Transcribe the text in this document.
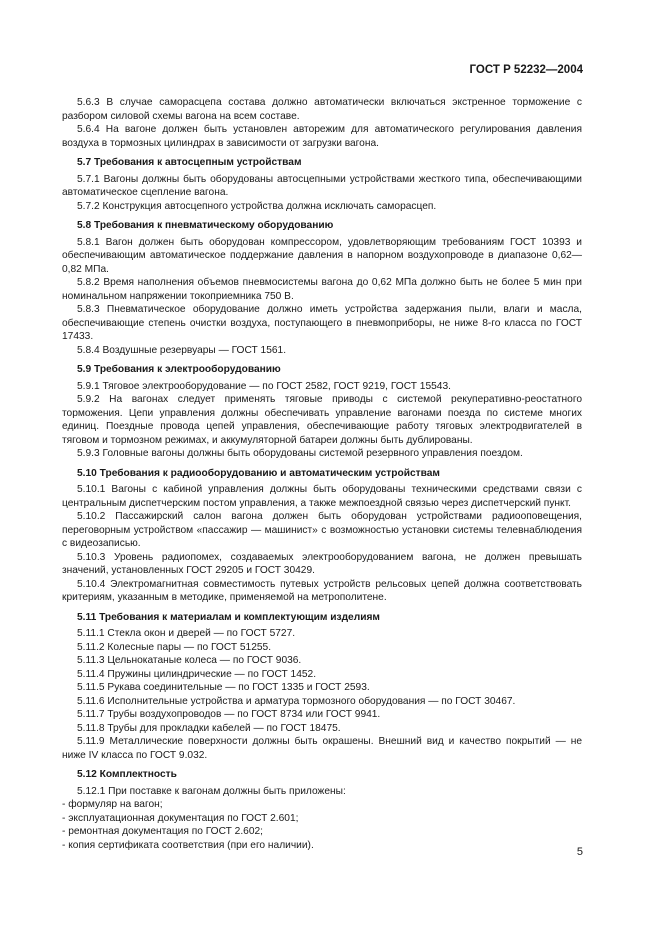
ГОСТ Р 52232—2004

5.6.3 В случае саморасцепа состава должно автоматически включаться экстренное торможение с разбором силовой схемы вагона на всем составе.

5.6.4 На вагоне должен быть установлен авторежим для автоматического регулирования давления воздуха в тормозных цилиндрах в зависимости от загрузки вагона.

5.7 Требования к автосцепным устройствам

5.7.1 Вагоны должны быть оборудованы автосцепными устройствами жесткого типа, обеспечивающими автоматическое сцепление вагона.

5.7.2 Конструкция автосцепного устройства должна исключать саморасцеп.

5.8 Требования к пневматическому оборудованию

5.8.1 Вагон должен быть оборудован компрессором, удовлетворяющим требованиям ГОСТ 10393 и обеспечивающим автоматическое поддержание давления в напорном воздухопроводе в диапазоне 0,62—0,82 МПа.

5.8.2 Время наполнения объемов пневмосистемы вагона до 0,62 МПа должно быть не более 5 мин при номинальном напряжении токоприемника 750 В.

5.8.3 Пневматическое оборудование должно иметь устройства задержания пыли, влаги и масла, обеспечивающие степень очистки воздуха, поступающего в пневмоприборы, не ниже 8-го класса по ГОСТ 17433.

5.8.4 Воздушные резервуары — ГОСТ 1561.

5.9 Требования к электрооборудованию

5.9.1 Тяговое электрооборудование — по ГОСТ 2582, ГОСТ 9219, ГОСТ 15543.

5.9.2 На вагонах следует применять тяговые приводы с системой рекуперативно-реостатного торможения. Цепи управления должны обеспечивать управление вагонами поезда по системе многих единиц. Поездные провода цепей управления, обеспечивающие работу тяговых электродвигателей в тяговом и тормозном режимах, и аккумуляторной батареи должны быть дублированы.

5.9.3 Головные вагоны должны быть оборудованы системой резервного управления поездом.

5.10 Требования к радиооборудованию и автоматическим устройствам

5.10.1 Вагоны с кабиной управления должны быть оборудованы техническими средствами связи с центральным диспетчерским постом управления, а также межпоездной связью через диспетчерский пункт.

5.10.2 Пассажирский салон вагона должен быть оборудован устройствами радиооповещения, переговорным устройством «пассажир — машинист» с возможностью установки системы телевнаблюдения с видеозаписью.

5.10.3 Уровень радиопомех, создаваемых электрооборудованием вагона, не должен превышать значений, установленных ГОСТ 29205 и ГОСТ 30429.

5.10.4 Электромагнитная совместимость путевых устройств рельсовых цепей должна соответствовать критериям, указанным в методике, применяемой на метрополитене.

5.11 Требования к материалам и комплектующим изделиям

5.11.1 Стекла окон и дверей — по ГОСТ 5727.

5.11.2 Колесные пары — по ГОСТ 51255.

5.11.3 Цельнокатаные колеса — по ГОСТ 9036.

5.11.4 Пружины цилиндрические — по ГОСТ 1452.

5.11.5 Рукава соединительные — по ГОСТ 1335 и ГОСТ 2593.

5.11.6 Исполнительные устройства и арматура тормозного оборудования — по ГОСТ 30467.

5.11.7 Трубы воздухопроводов — по ГОСТ 8734 или ГОСТ 9941.

5.11.8 Трубы для прокладки кабелей — по ГОСТ 18475.

5.11.9 Металлические поверхности должны быть окрашены. Внешний вид и качество покрытий — не ниже IV класса по ГОСТ 9.032.

5.12 Комплектность

5.12.1 При поставке к вагонам должны быть приложены:

- формуляр на вагон;

- эксплуатационная документация по ГОСТ 2.601;

- ремонтная документация по ГОСТ 2.602;

- копия сертификата соответствия (при его наличии).

5
